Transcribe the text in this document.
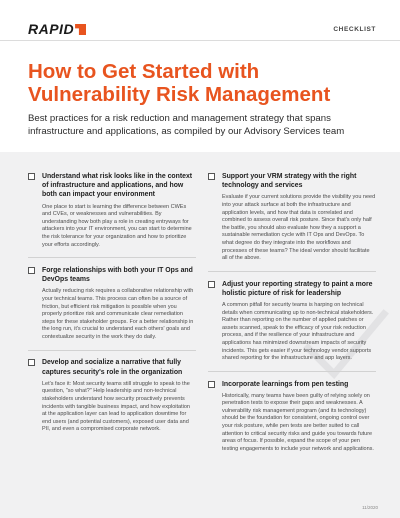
RAPID	CHECKLIST
How to Get Started with Vulnerability Risk Management

Best practices for a risk reduction and management strategy that spans infrastructure and applications, as compiled by our Advisory Services team

Understand what risk looks like in the context of infrastructure and applications, and how both can impact your environment
One place to start is learning the difference between CWEs and CVEs, or weaknesses and vulnerabilities. By understanding how both play a role in creating entryways for attackers into your IT environment, you can start to determine the risk tolerance for your organization and how to prioritize your efforts accordingly.
Forge relationships with both your IT Ops and DevOps teams
Actually reducing risk requires a collaborative relationship with your technical teams. This process can often be a source of friction, but efficient risk mitigation is possible when you properly prioritize risk and communicate clear remediation steps for these stakeholder groups. For a better relationship in the long run, it's crucial to understand each others' goals and contextualize security in the work they do daily.
Develop and socialize a narrative that fully captures security's role in the organization
Let's face it: Most security teams still struggle to speak to the question, "so what?" Help leadership and non-technical stakeholders understand how security proactively prevents incidents with tangible business impact, and how exploitation at the application layer can lead to application downtime for end users (and potential customers), exposed user data and PII, and even a compromised corporate network.
Support your VRM strategy with the right technology and services
Evaluate if your current solutions provide the visibility you need into your attack surface at both the infrastructure and application levels, and how that data is correlated and combined to assess overall risk posture. Since that's only half the battle, you should also evaluate how they a support a sustainable remediation cycle with IT Ops and DevOps. To what degree do they integrate into the workflows and processes of these teams? The ideal vendor should facilitate all of the above.
Adjust your reporting strategy to paint a more holistic picture of risk for leadership
A common pitfall for security teams is harping on technical details when communicating up to non-technical stakeholders. Rather than reporting on the number of applied patches or assets scanned, speak to the efficacy of your risk reduction process, and if the resilience of your infrastructure and applications has minimized downstream impacts of security incidents. This gets easier if your technology vendor supports shared reporting for the infrastructure and app layers.
Incorporate learnings from pen testing
Historically, many teams have been guilty of relying solely on penetration tests to expose their gaps and weaknesses. A vulnerability risk management program (and its technology) should be the foundation for consistent, ongoing control over your risk posture, while pen tests are better suited to call attention to critical security risks and guide you towards future areas of focus. If possible, expand the scope of your pen testing engagements to include your network and applications.
11/2020
